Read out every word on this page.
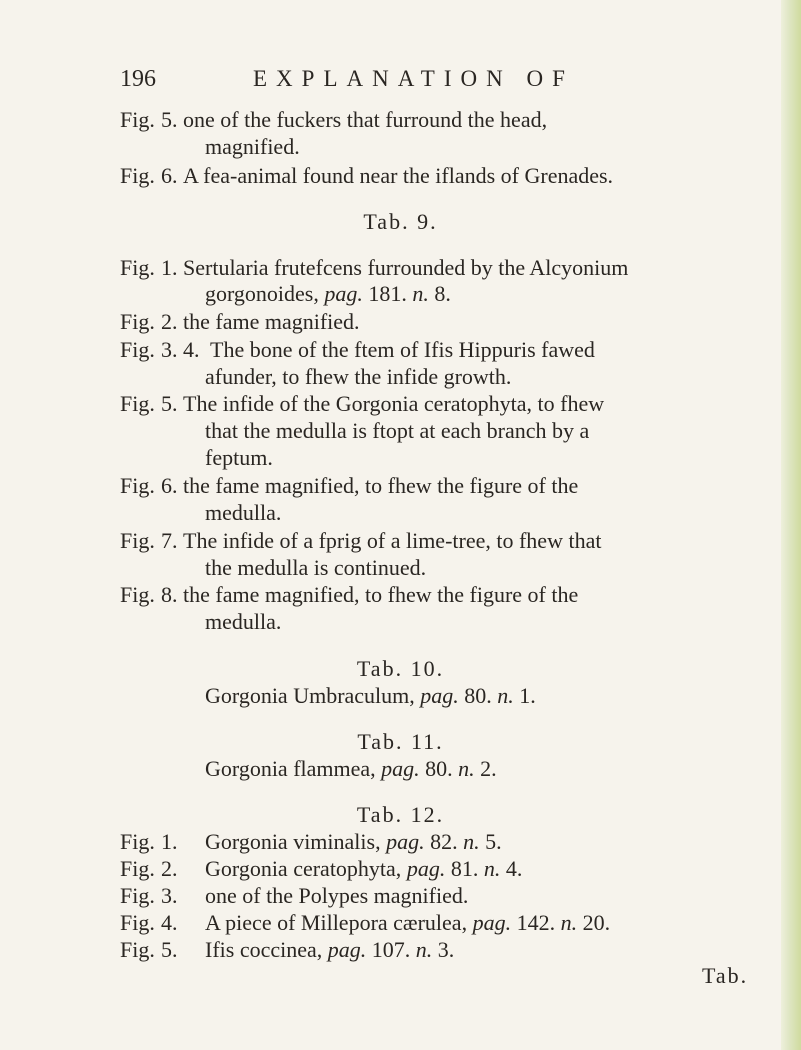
196	EXPLANATION OF
Fig. 5. one of the fuckers that furround the head,
magnified.
Fig. 6. A fea-animal found near the iflands of Grenades.
Tab. 9.
Fig. 1. Sertularia frutefcens furrounded by the Alcyonium
gorgonoides, pag. 181. n. 8.
Fig. 2. the fame magnified.
Fig. 3. 4. The bone of the ftem of Ifis Hippuris fawed
afunder, to fhew the infide growth.
Fig. 5. The infide of the Gorgonia ceratophyta, to fhew
that the medulla is ftopt at each branch by a
feptum.
Fig. 6. the fame magnified, to fhew the figure of the
medulla.
Fig. 7. The infide of a fprig of a lime-tree, to fhew that
the medulla is continued.
Fig. 8. the fame magnified, to fhew the figure of the
medulla.
Tab. 10.
Gorgonia Umbraculum, pag. 80. n. 1.
Tab. 11.
Gorgonia flammea, pag. 80. n. 2.
Tab. 12.
Fig. 1. Gorgonia viminalis, pag. 82. n. 5.
Fig. 2. Gorgonia ceratophyta, pag. 81. n. 4.
Fig. 3. one of the Polypes magnified.
Fig. 4. A piece of Millepora cærulea, pag. 142. n. 20.
Fig. 5. Ifis coccinea, pag. 107. n. 3.
Tab.
